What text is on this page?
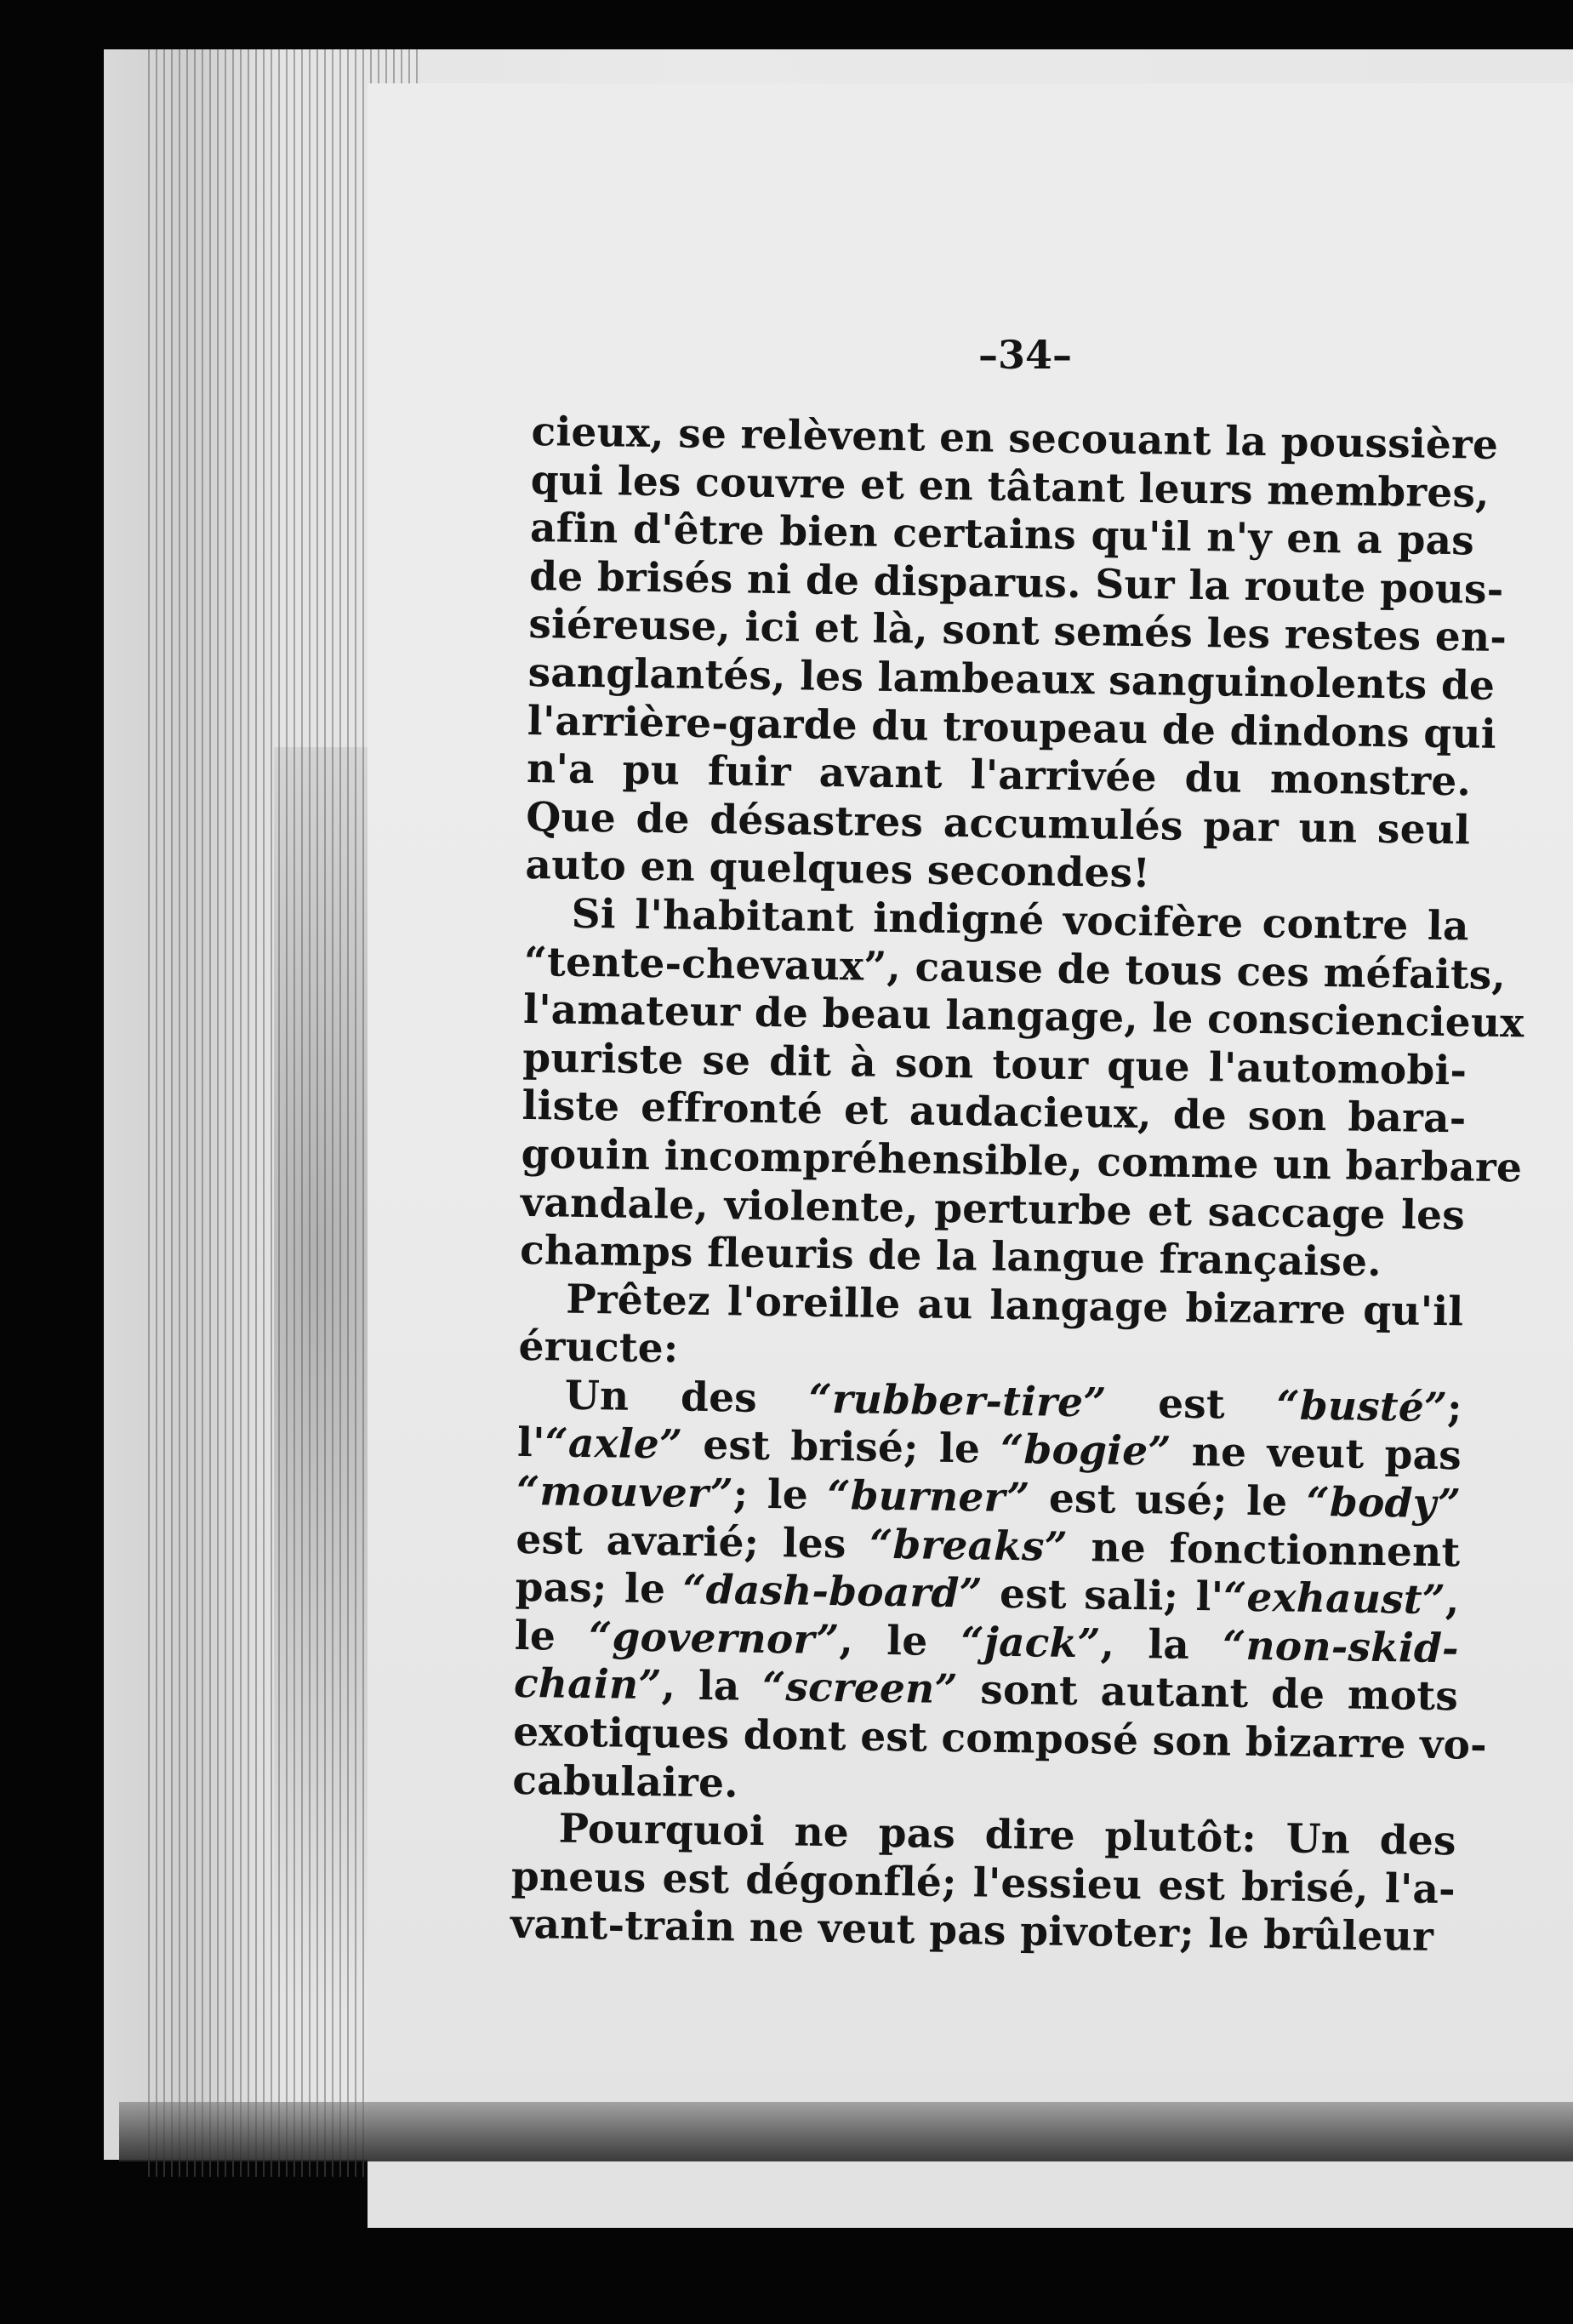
–34–
cieux, se relèvent en secouant la poussière
qui les couvre et en tâtant leurs membres,
afin d'être bien certains qu'il n'y en a pas
de brisés ni de disparus. Sur la route pous-
siéreuse, ici et là, sont semés les restes en-
sanglantés, les lambeaux sanguinolents de
l'arrière-garde du troupeau de dindons qui
n'a pu fuir avant l'arrivée du monstre.
Que de désastres accumulés par un seul
auto en quelques secondes!
Si l'habitant indigné vocifère contre la
“tente-chevaux”, cause de tous ces méfaits,
l'amateur de beau langage, le consciencieux
puriste se dit à son tour que l'automobi-
liste effronté et audacieux, de son bara-
gouin incompréhensible, comme un barbare
vandale, violente, perturbe et saccage les
champs fleuris de la langue française.
Prêtez l'oreille au langage bizarre qu'il
éructe:
Un des “rubber-tire” est “busté”;
l'“axle” est brisé; le “bogie” ne veut pas
“mouver”; le “burner” est usé; le “body”
est avarié; les “breaks” ne fonctionnent
pas; le “dash-board” est sali; l'“exhaust”,
le “governor”, le “jack”, la “non-skid-
chain”, la “screen” sont autant de mots
exotiques dont est composé son bizarre vo-
cabulaire.
Pourquoi ne pas dire plutôt: Un des
pneus est dégonflé; l'essieu est brisé, l'a-
vant-train ne veut pas pivoter; le brûleur
